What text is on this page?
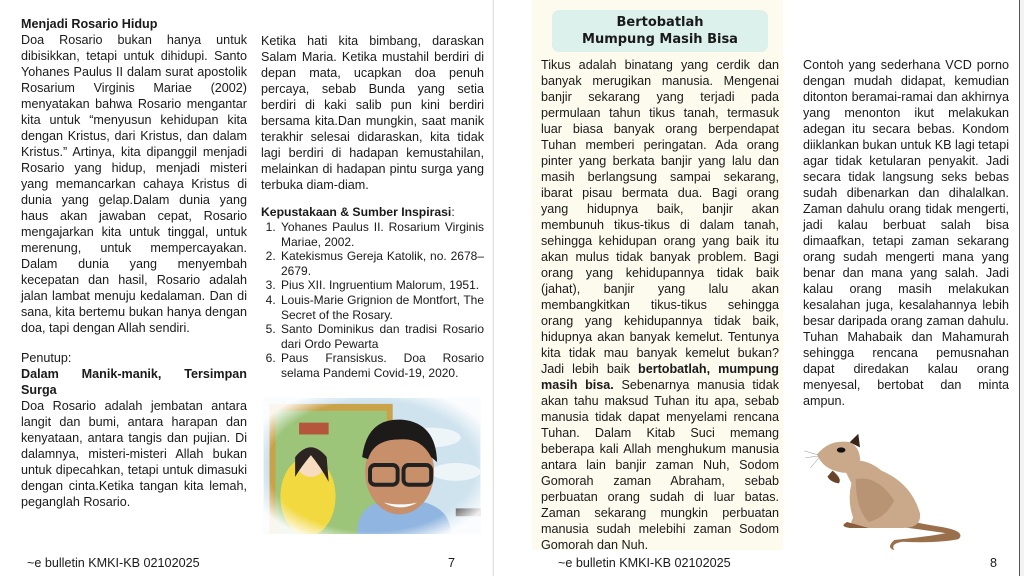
Menjadi Rosario Hidup

Doa Rosario bukan hanya untuk dibisikkan, tetapi untuk dihidupi. Santo Yohanes Paulus II dalam surat apostolik Rosarium Virginis Mariae (2002) menyatakan bahwa Rosario mengantar kita untuk “menyusun kehidupan kita dengan Kristus, dari Kristus, dan dalam Kristus.” Artinya, kita dipanggil menjadi Rosario yang hidup, menjadi misteri yang memancarkan cahaya Kristus di dunia yang gelap.Dalam dunia yang haus akan jawaban cepat, Rosario mengajarkan kita untuk tinggal, untuk merenung, untuk mempercayakan. Dalam dunia yang menyembah kecepatan dan hasil, Rosario adalah jalan lambat menuju kedalaman. Dan di sana, kita bertemu bukan hanya dengan doa, tapi dengan Allah sendiri.

Penutup:

Dalam Manik-manik, Tersimpan Surga

Doa Rosario adalah jembatan antara langit dan bumi, antara harapan dan kenyataan, antara tangis dan pujian. Di dalamnya, misteri-misteri Allah bukan untuk dipecahkan, tetapi untuk dimasuki dengan cinta.Ketika tangan kita lemah, peganglah Rosario.

Ketika hati kita bimbang, daraskan Salam Maria. Ketika mustahil berdiri di depan mata, ucapkan doa penuh percaya, sebab Bunda yang setia berdiri di kaki salib pun kini berdiri bersama kita.Dan mungkin, saat manik terakhir selesai didaraskan, kita tidak lagi berdiri di hadapan kemustahilan, melainkan di hadapan pintu surga yang terbuka diam-diam.

Kepustakaan & Sumber Inspirasi:

1. Yohanes Paulus II. Rosarium Virginis Mariae, 2002.
2. Katekismus Gereja Katolik, no. 2678–2679.
3. Pius XII. Ingruentium Malorum, 1951.
4. Louis-Marie Grignion de Montfort, The Secret of the Rosary.
5. Santo Dominikus dan tradisi Rosario dari Ordo Pewarta
6. Paus Fransiskus. Doa Rosario selama Pandemi Covid-19, 2020.
~e bulletin KMKI-KB 02102025	7
Bertobatlah
Mumpung Masih Bisa

Tikus adalah binatang yang cerdik dan banyak merugikan manusia. Mengenai banjir sekarang yang terjadi pada permulaan tahun tikus tanah, termasuk luar biasa banyak orang berpendapat Tuhan memberi peringatan. Ada orang pinter yang berkata banjir yang lalu dan masih berlangsung sampai sekarang, ibarat pisau bermata dua. Bagi orang yang hidupnya baik, banjir akan membunuh tikus-tikus di dalam tanah, sehingga kehidupan orang yang baik itu akan mulus tidak banyak problem. Bagi orang yang kehidupannya tidak baik (jahat), banjir yang lalu akan membangkitkan tikus-tikus sehingga orang yang kehidupannya tidak baik, hidupnya akan banyak kemelut. Tentunya kita tidak mau banyak kemelut bukan? Jadi lebih baik bertobatlah, mumpung masih bisa. Sebenarnya manusia tidak akan tahu maksud Tuhan itu apa, sebab manusia tidak dapat menyelami rencana Tuhan. Dalam Kitab Suci memang beberapa kali Allah menghukum manusia antara lain banjir zaman Nuh, Sodom Gomorah zaman Abraham, sebab perbuatan orang sudah di luar batas. Zaman sekarang mungkin perbuatan manusia sudah melebihi zaman Sodom Gomorah dan Nuh.

Contoh yang sederhana VCD porno dengan mudah didapat, kemudian ditonton beramai-ramai dan akhirnya yang menonton ikut melakukan adegan itu secara bebas. Kondom diiklankan bukan untuk KB lagi tetapi agar tidak ketularan penyakit. Jadi secara tidak langsung seks bebas sudah dibenarkan dan dihalalkan. Zaman dahulu orang tidak mengerti, jadi kalau berbuat salah bisa dimaafkan, tetapi zaman sekarang orang sudah mengerti mana yang benar dan mana yang salah. Jadi kalau orang masih melakukan kesalahan juga, kesalahannya lebih besar daripada orang zaman dahulu. Tuhan Mahabaik dan Mahamurah sehingga rencana pemusnahan dapat diredakan kalau orang menyesal, bertobat dan minta ampun.

~e bulletin KMKI-KB 02102025	8
